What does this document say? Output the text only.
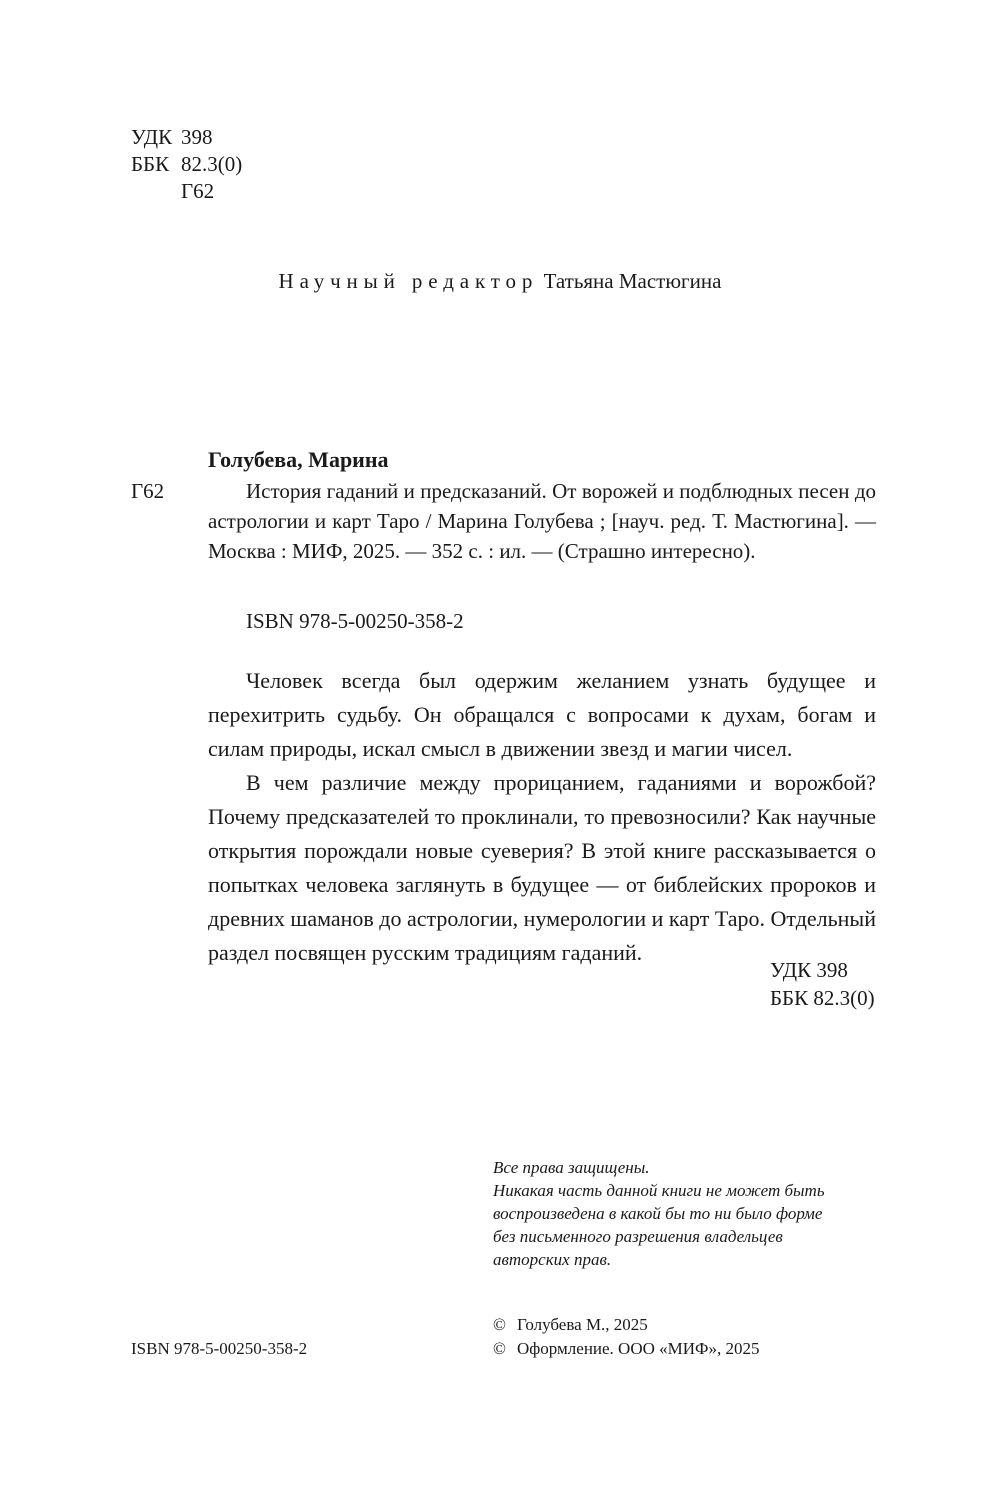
УДК 398
ББК 82.3(0)
Г62
Научный редактор Татьяна Мастюгина
Голубева, Марина
Г62	История гаданий и предсказаний. От ворожей и подблюдных песен до астрологии и карт Таро / Марина Голубева ; [науч. ред. Т. Мастюгина]. — Москва : МИФ, 2025. — 352 с. : ил. — (Страшно интересно).

ISBN 978-5-00250-358-2

Человек всегда был одержим желанием узнать будущее и перехитрить судьбу. Он обращался с вопросами к духам, богам и силам природы, искал смысл в движении звезд и магии чисел.

В чем различие между прорицанием, гаданиями и ворожбой? Почему предсказателей то проклинали, то превозносили? Как научные открытия порождали новые суеверия? В этой книге рассказывается о попытках человека заглянуть в будущее — от библейских пророков и древних шаманов до астрологии, нумерологии и карт Таро. Отдельный раздел посвящен русским традициям гаданий.

УДК 398
ББК 82.3(0)
Все права защищены.
Никакая часть данной книги не может быть
воспроизведена в какой бы то ни было форме
без письменного разрешения владельцев
авторских прав.
ISBN 978-5-00250-358-2
© Голубева М., 2025
© Оформление. ООО «МИФ», 2025
